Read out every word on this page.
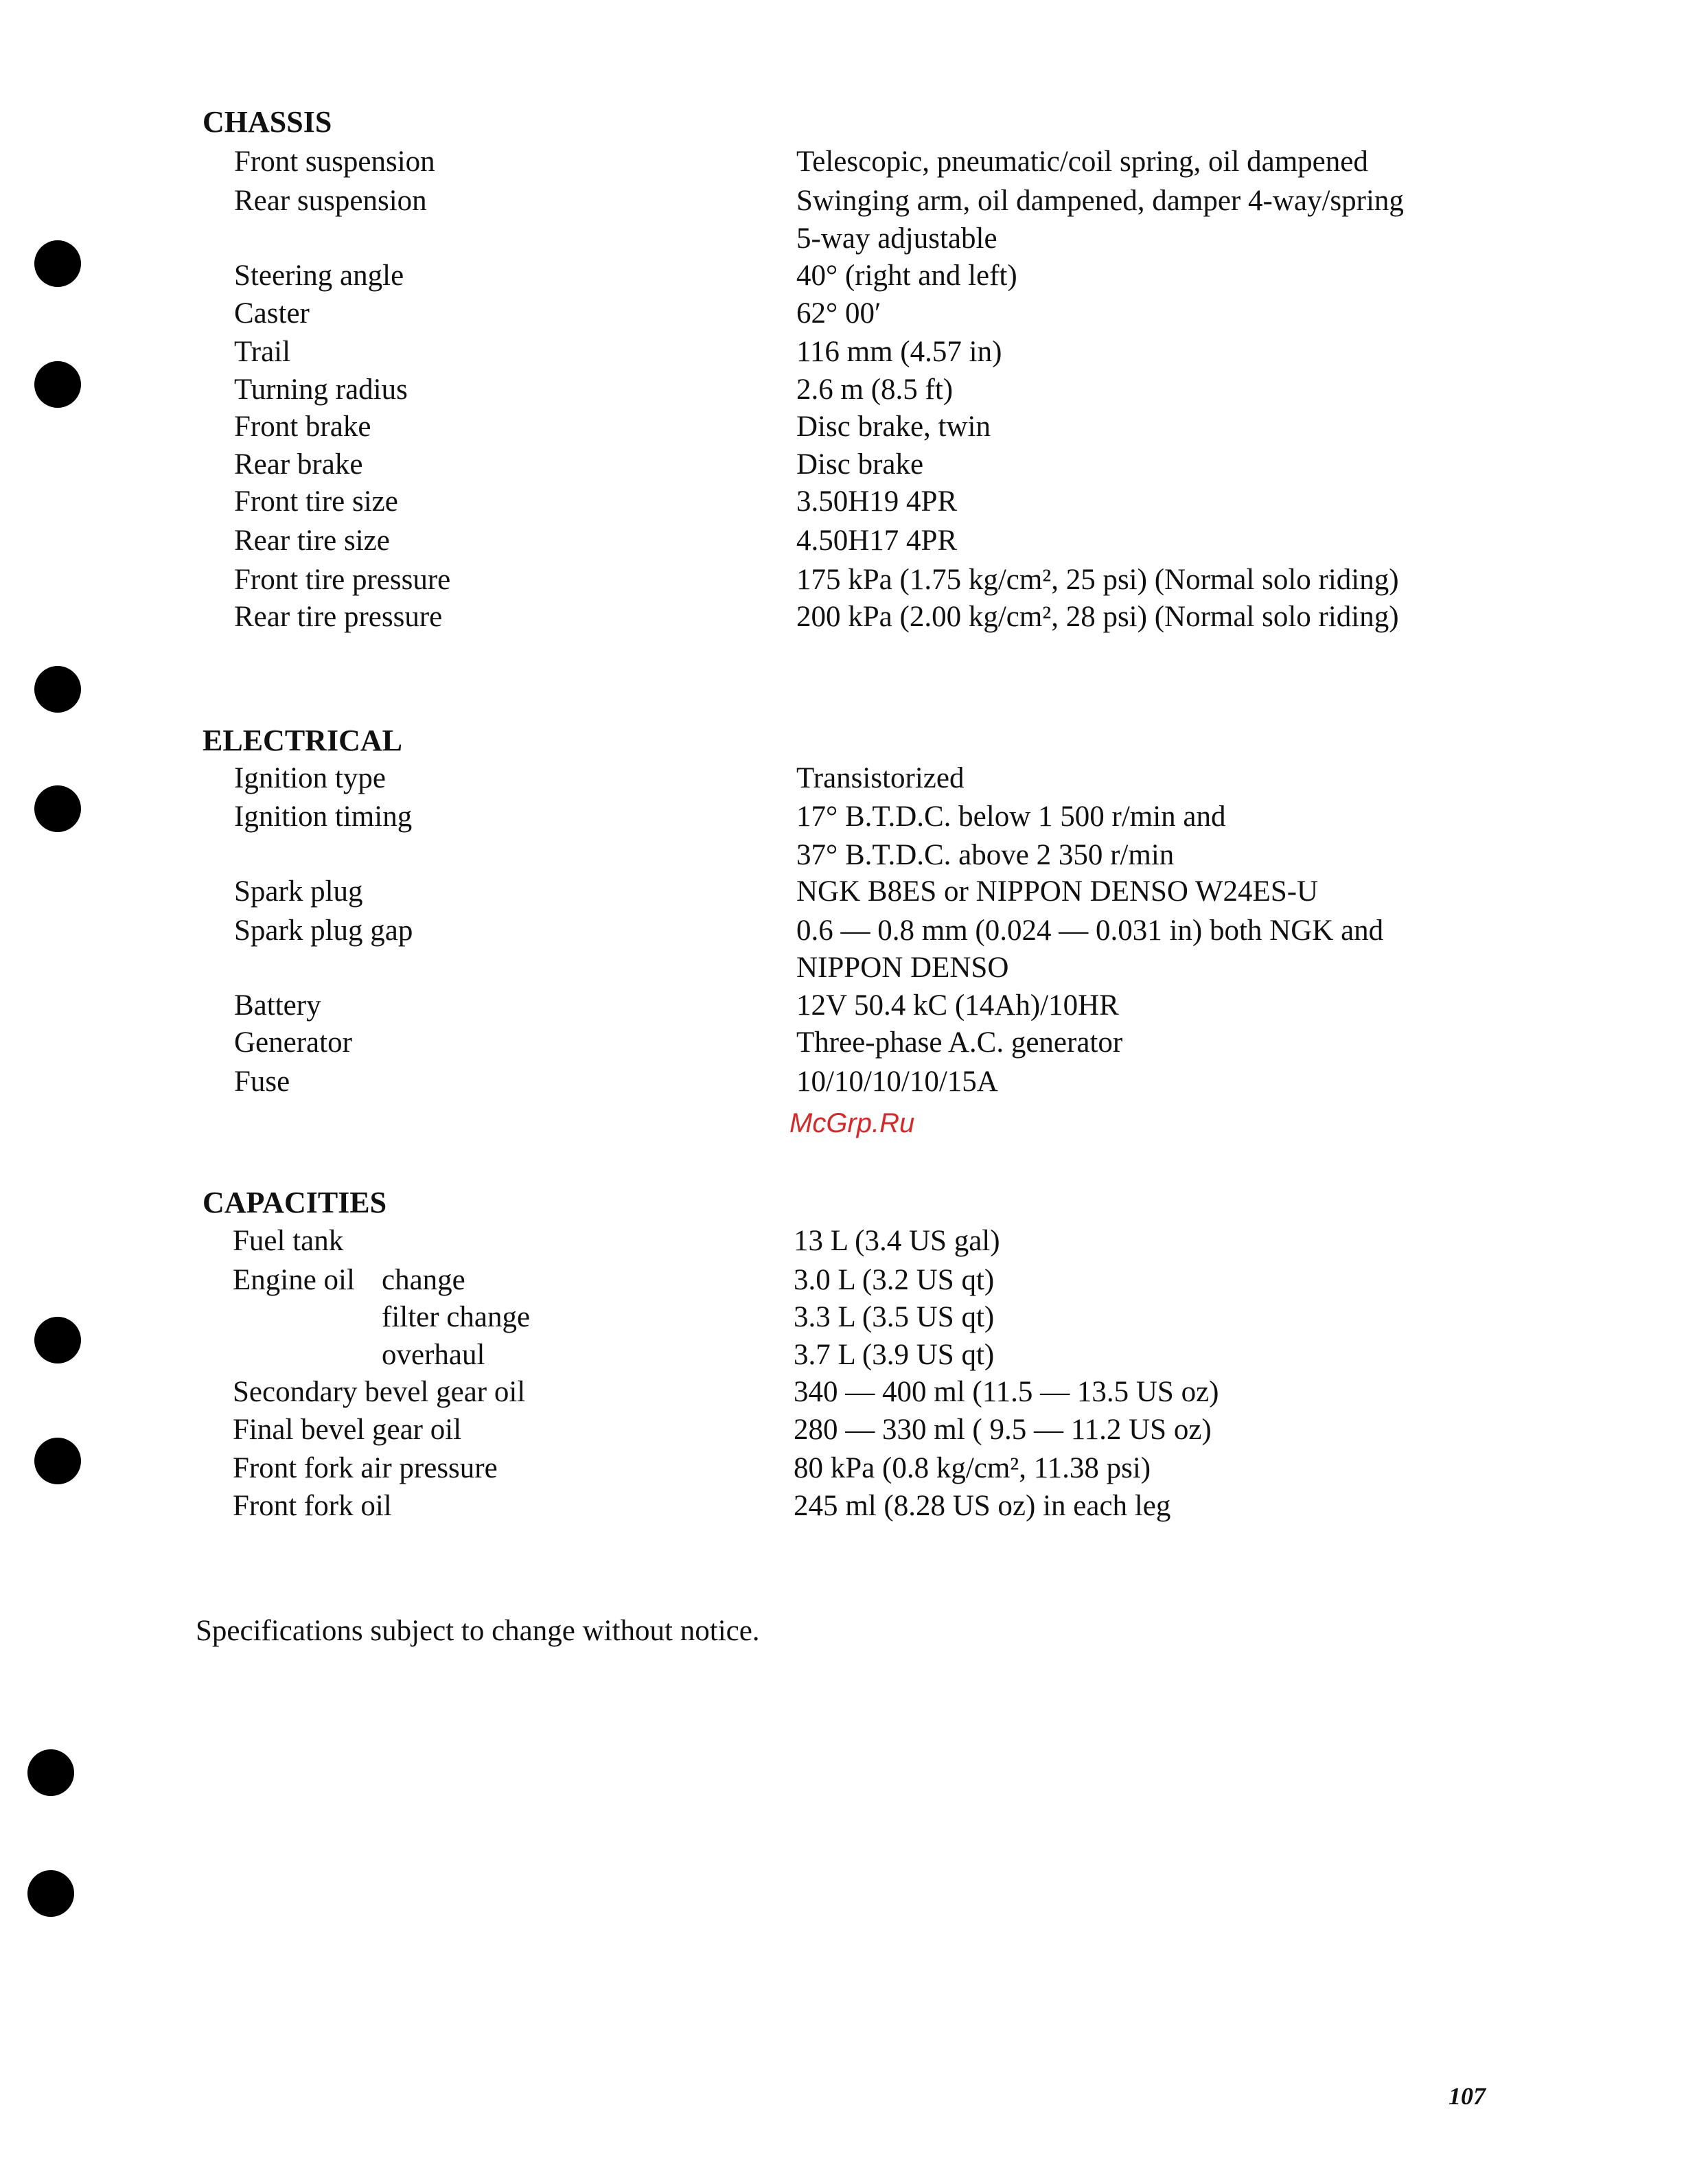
CHASSIS
Front suspension	Telescopic, pneumatic/coil spring, oil dampened
Rear suspension	Swinging arm, oil dampened, damper 4-way/spring
5-way adjustable
Steering angle	40° (right and left)
Caster	62° 00′
Trail	116 mm (4.57 in)
Turning radius	2.6 m (8.5 ft)
Front brake	Disc brake, twin
Rear brake	Disc brake
Front tire size	3.50H19 4PR
Rear tire size	4.50H17 4PR
Front tire pressure	175 kPa (1.75 kg/cm², 25 psi) (Normal solo riding)
Rear tire pressure	200 kPa (2.00 kg/cm², 28 psi) (Normal solo riding)
ELECTRICAL
Ignition type	Transistorized
Ignition timing	17° B.T.D.C. below 1 500 r/min and
37° B.T.D.C. above 2 350 r/min
Spark plug	NGK B8ES or NIPPON DENSO W24ES-U
Spark plug gap	0.6 — 0.8 mm (0.024 — 0.031 in) both NGK and
NIPPON DENSO
Battery	12V 50.4 kC (14Ah)/10HR
Generator	Three-phase A.C. generator
Fuse	10/10/10/10/15A
CAPACITIES
Fuel tank	13 L (3.4 US gal)
Engine oil change	3.0 L (3.2 US qt)
filter change	3.3 L (3.5 US qt)
overhaul	3.7 L (3.9 US qt)
Secondary bevel gear oil	340 — 400 ml (11.5 — 13.5 US oz)
Final bevel gear oil	280 — 330 ml ( 9.5 — 11.2 US oz)
Front fork air pressure	80 kPa (0.8 kg/cm², 11.38 psi)
Front fork oil	245 ml (8.28 US oz) in each leg
Specifications subject to change without notice.
107
McGrp.Ru
